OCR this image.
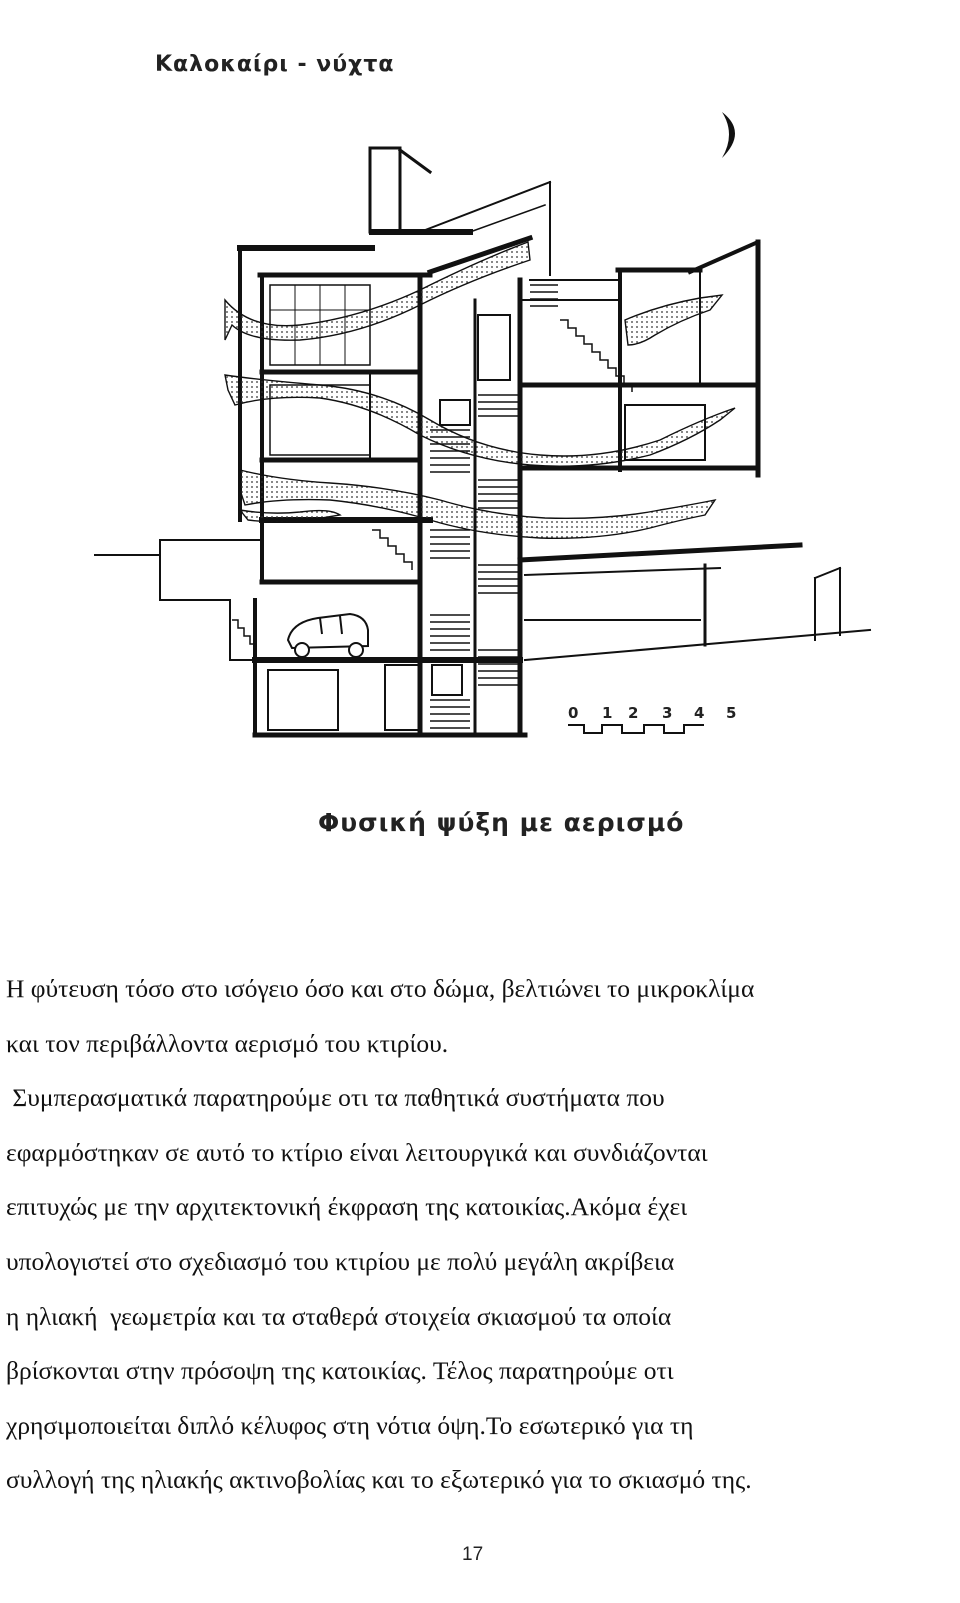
Καλοκαίρι - νύχτα
0 1 2 3 4 5
Φυσική ψύξη με αερισμό

Η φύτευση τόσο στο ισόγειο όσο και στο δώμα, βελτιώνει το μικροκλίμα

και τον περιβάλλοντα αερισμό του κτιρίου.

Συμπερασματικά παρατηρούμε οτι τα παθητικά συστήματα που

εφαρμόστηκαν σε αυτό το κτίριο είναι λειτουργικά και συνδιάζονται

επιτυχώς με την αρχιτεκτονική έκφραση της κατοικίας.Ακόμα έχει

υπολογιστεί στο σχεδιασμό του κτιρίου με πολύ μεγάλη ακρίβεια

η ηλιακή  γεωμετρία και τα σταθερά στοιχεία σκιασμού τα οποία

βρίσκονται στην πρόσοψη της κατοικίας. Τέλος παρατηρούμε οτι

χρησιμοποιείται διπλό κέλυφος στη νότια όψη.Το εσωτερικό για τη

συλλογή της ηλιακής ακτινοβολίας και το εξωτερικό για το σκιασμό της.

17
